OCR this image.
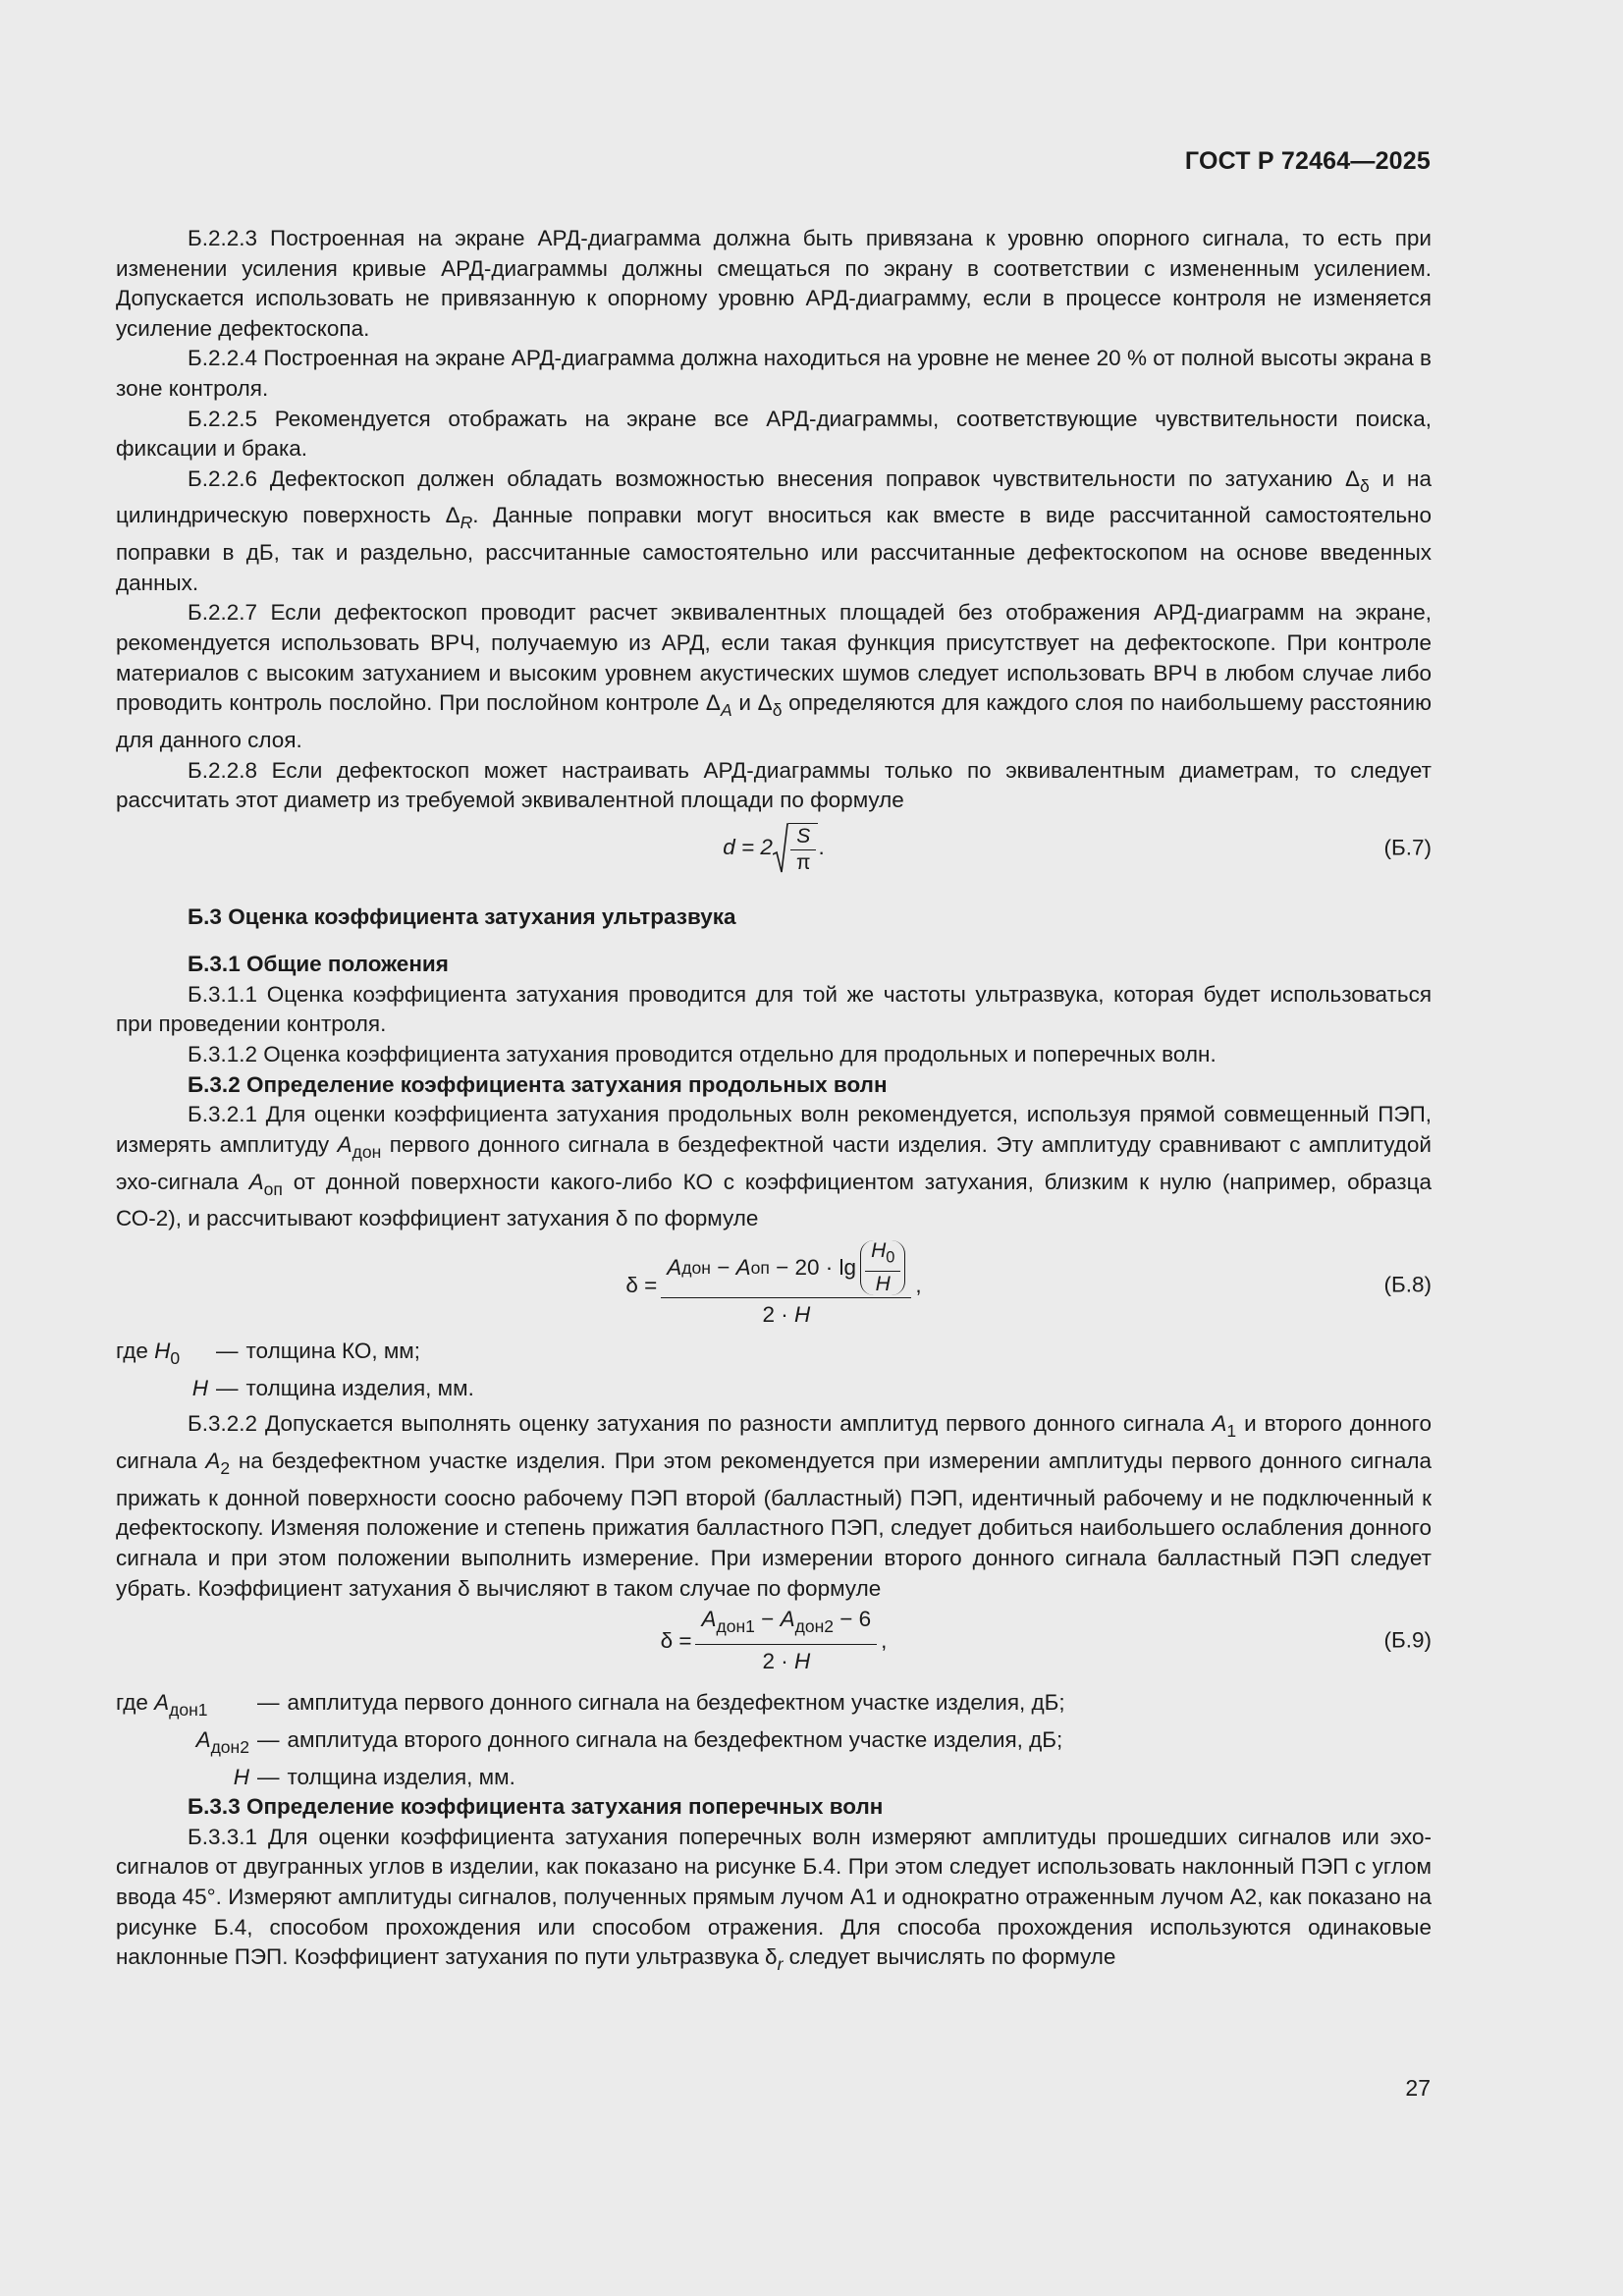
ГОСТ Р 72464—2025

Б.2.2.3 Построенная на экране АРД-диаграмма должна быть привязана к уровню опорного сигнала, то есть при изменении усиления кривые АРД-диаграммы должны смещаться по экрану в соответствии с измененным усилением. Допускается использовать не привязанную к опорному уровню АРД-диаграмму, если в процессе контроля не изменяется усиление дефектоскопа.

Б.2.2.4 Построенная на экране АРД-диаграмма должна находиться на уровне не менее 20 % от полной высоты экрана в зоне контроля.

Б.2.2.5 Рекомендуется отображать на экране все АРД-диаграммы, соответствующие чувствительности поиска, фиксации и брака.

Б.2.2.6 Дефектоскоп должен обладать возможностью внесения поправок чувствительности по затуханию $\Delta_\delta$ и на цилиндрическую поверхность $\Delta_R$. Данные поправки могут вноситься как вместе в виде рассчитанной самостоятельно поправки в дБ, так и раздельно, рассчитанные самостоятельно или рассчитанные дефектоскопом на основе введенных данных.

Б.2.2.7 Если дефектоскоп проводит расчет эквивалентных площадей без отображения АРД-диаграмм на экране, рекомендуется использовать ВРЧ, получаемую из АРД, если такая функция присутствует на дефектоскопе. При контроле материалов с высоким затуханием и высоким уровнем акустических шумов следует использовать ВРЧ в любом случае либо проводить контроль послойно. При послойном контроле $\Delta_A$ и $\Delta_\delta$ определяются для каждого слоя по наибольшему расстоянию для данного слоя.

Б.2.2.8 Если дефектоскоп может настраивать АРД-диаграммы только по эквивалентным диаметрам, то следует рассчитать этот диаметр из требуемой эквивалентной площади по формуле

$d = 2 \frac{S}{\pi}$ .	(Б.7)

Б.3 Оценка коэффициента затухания ультразвука

Б.3.1 Общие положения

Б.3.1.1 Оценка коэффициента затухания проводится для той же частоты ультразвука, которая будет использоваться при проведении контроля.

Б.3.1.2 Оценка коэффициента затухания проводится отдельно для продольных и поперечных волн.

Б.3.2 Определение коэффициента затухания продольных волн

Б.3.2.1 Для оценки коэффициента затухания продольных волн рекомендуется, используя прямой совмещенный ПЭП, измерять амплитуду $A_{дон}$ первого донного сигнала в бездефектной части изделия. Эту амплитуду сравнивают с амплитудой эхо-сигнала $A_{оп}$ от донной поверхности какого-либо КО с коэффициентом затухания, близким к нулю (например, образца СО-2), и рассчитывают коэффициент затухания δ по формуле

δ =
A дон − A оп − $20 \cdot \lg \frac{H_0}{H}$
2 · H
,	(Б.8)
где $H_0$	— толщина КО, мм;
H — толщина изделия, мм.

Б.3.2.2 Допускается выполнять оценку затухания по разности амплитуд первого донного сигнала $A_1$ и второго донного сигнала $A_2$ на бездефектном участке изделия. При этом рекомендуется при измерении амплитуды первого донного сигнала прижать к донной поверхности соосно рабочему ПЭП второй (балластный) ПЭП, идентичный рабочему и не подключенный к дефектоскопу. Изменяя положение и степень прижатия балластного ПЭП, следует добиться наибольшего ослабления донного сигнала и при этом положении выполнить измерение. При измерении второго донного сигнала балластный ПЭП следует убрать. Коэффициент затухания δ вычисляют в таком случае по формуле

$\delta = \frac{A_{дон1} - A_{дон2} - 6}{2 \cdot H}$ ,	(Б.9)
где $A_{дон1}$	— амплитуда первого донного сигнала на бездефектном участке изделия, дБ;
$A_{дон2}$ — амплитуда второго донного сигнала на бездефектном участке изделия, дБ;
H — толщина изделия, мм.

Б.3.3 Определение коэффициента затухания поперечных волн

Б.3.3.1 Для оценки коэффициента затухания поперечных волн измеряют амплитуды прошедших сигналов или эхо-сигналов от двугранных углов в изделии, как показано на рисунке Б.4. При этом следует использовать наклонный ПЭП с углом ввода 45°. Измеряют амплитуды сигналов, полученных прямым лучом А1 и однократно отраженным лучом А2, как показано на рисунке Б.4, способом прохождения или способом отражения. Для способа прохождения используются одинаковые наклонные ПЭП. Коэффициент затухания по пути ультразвука $\delta_r$ следует вычислять по формуле

27
